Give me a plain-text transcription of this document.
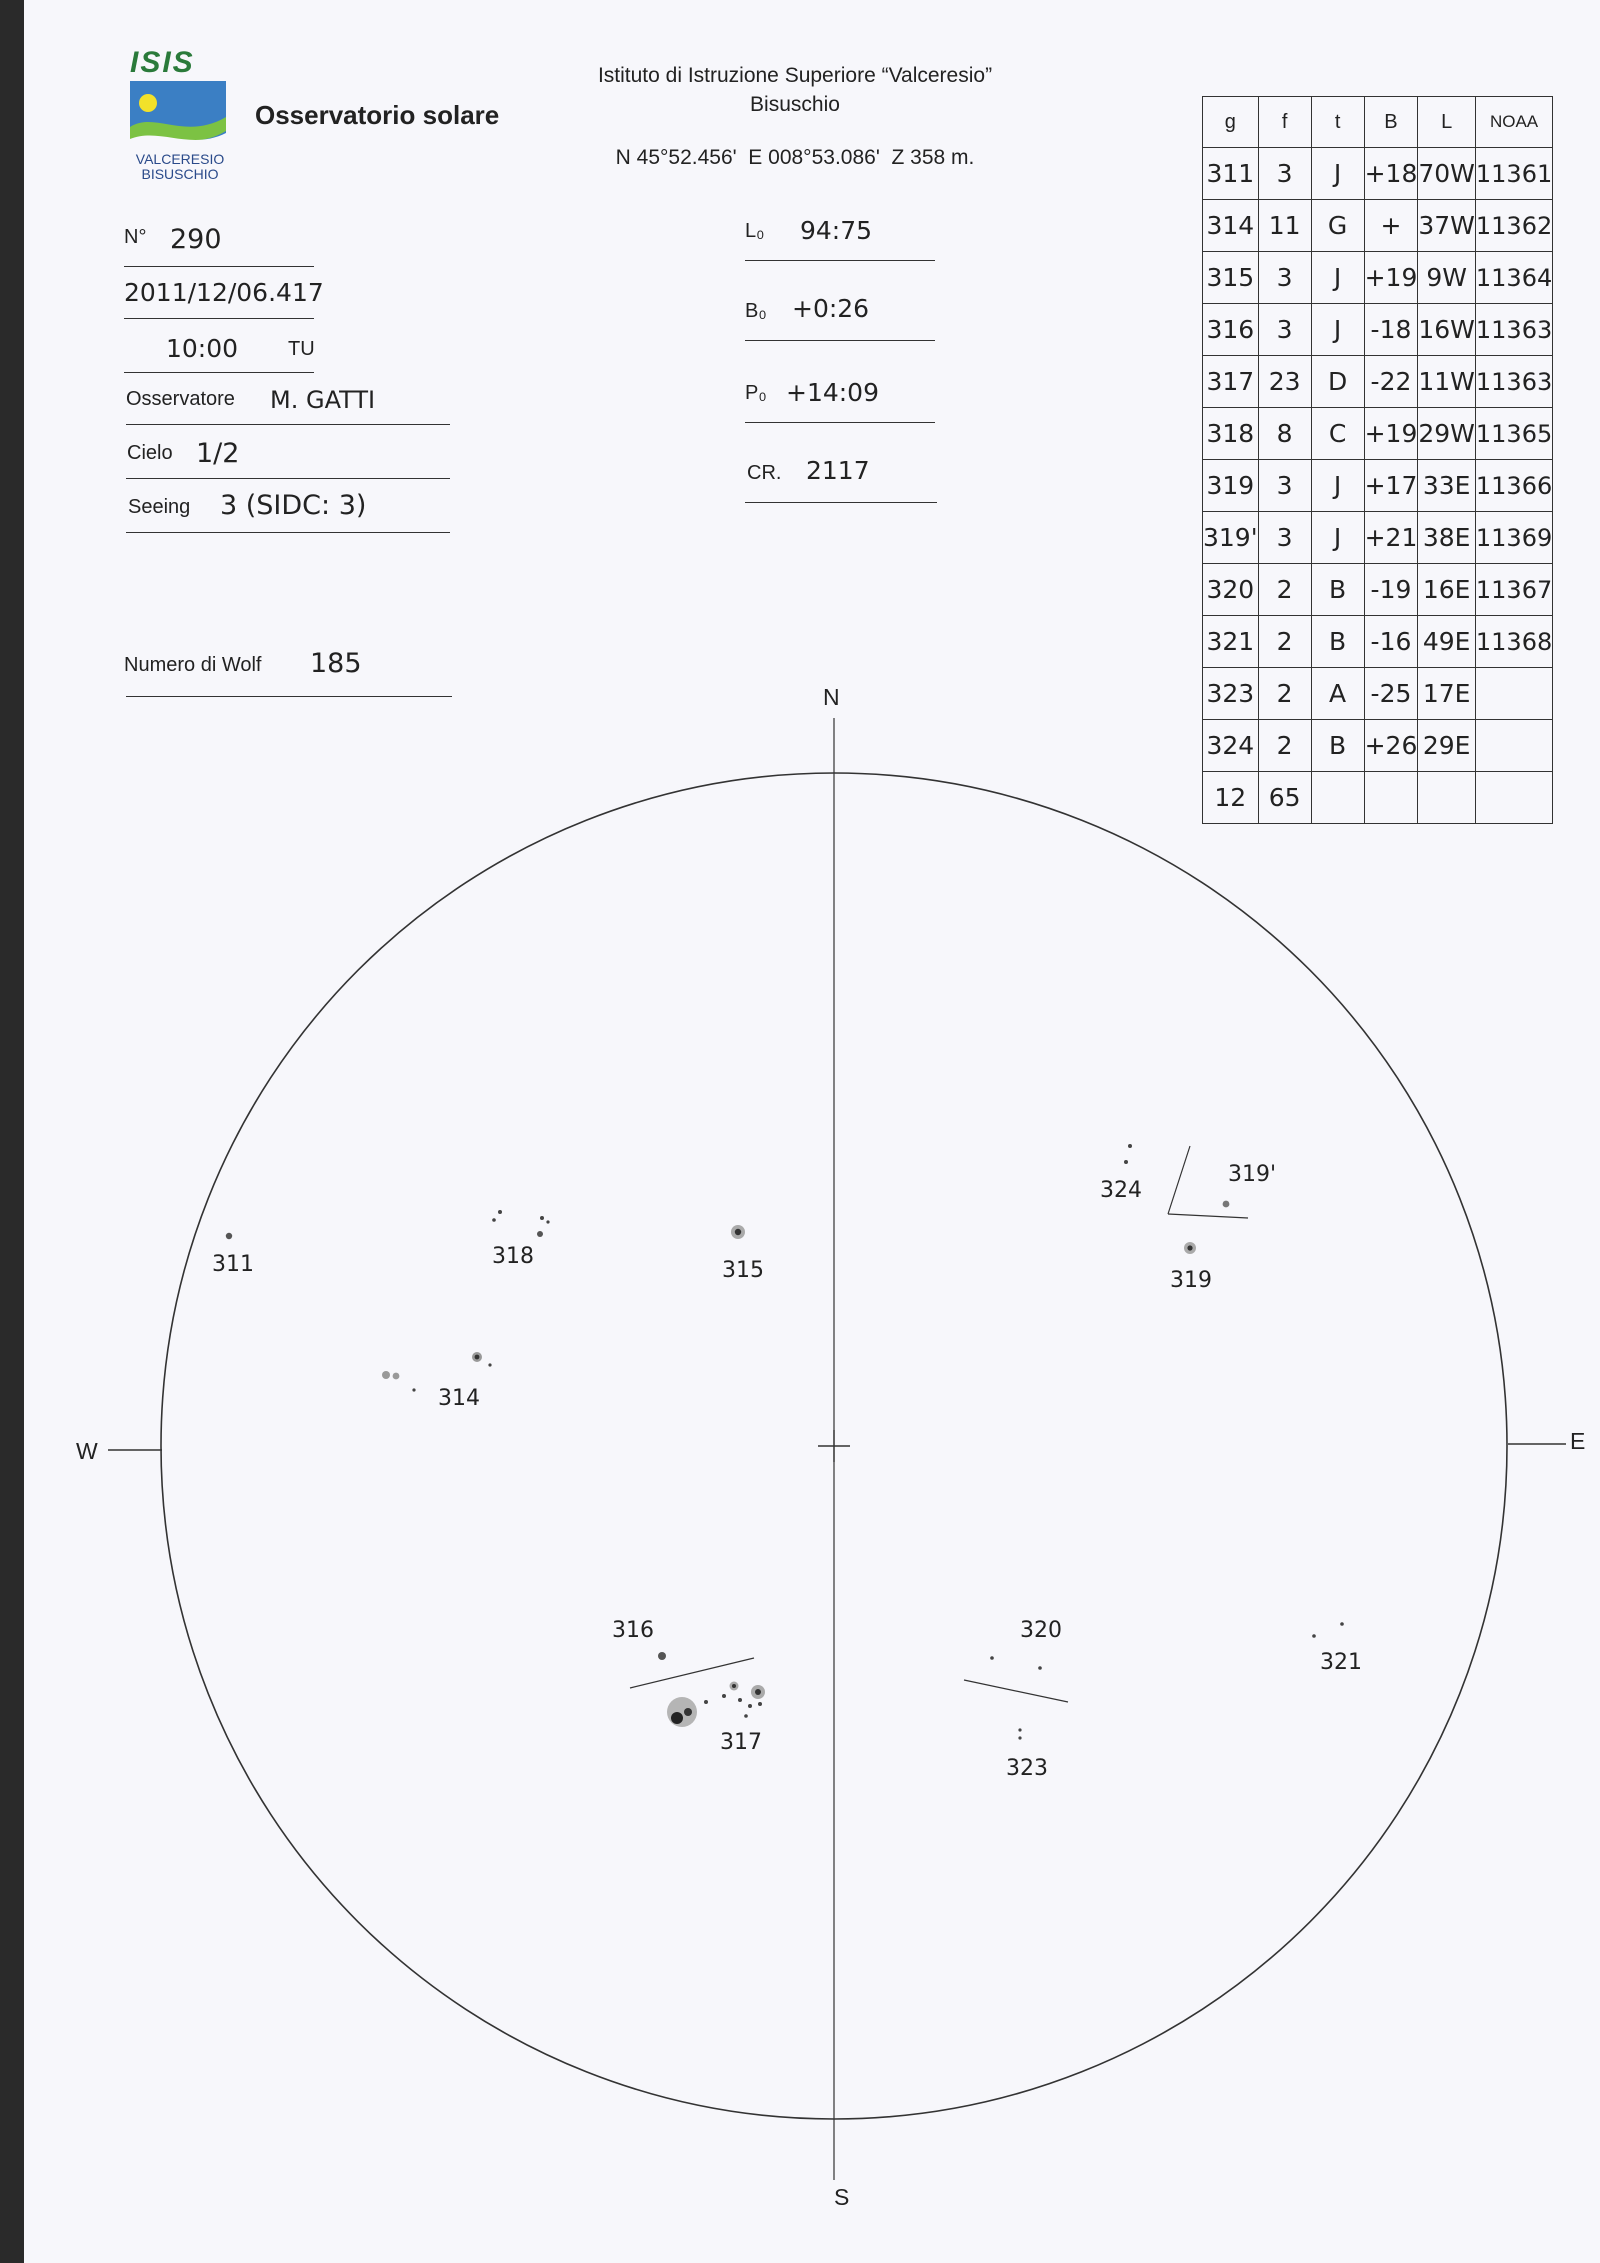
ISIS
VALCERESIO
BISUSCHIO
Osservatorio solare
Istituto di Istruzione Superiore “Valceresio”
Bisuschio
N 45°52.456'  E 008°53.086'  Z 358 m.
N° 290
2011/12/06.417
10:00 TU
Osservatore M. GATTI
Cielo 1/2
Seeing 3 (SIDC: 3)
Numero di Wolf 185
L₀ 94:75
B₀ +0:26
P₀ +14:09
CR. 2117
g	f	t	B	L	NOAA
311	3	J	+18	70W	11361
314	11	G	+	37W	11362
315	3	J	+19	9W	11364
316	3	J	-18	16W	11363
317	23	D	-22	11W	11363
318	8	C	+19	29W	11365
319	3	J	+17	33E	11366
319'	3	J	+21	38E	11369
320	2	B	-19	16E	11367
321	2	B	-16	49E	11368
323	2	A	-25	17E	
324	2	B	+26	29E	
12	65				
N
S
W	E
311	318
315
314
324
319'
319
316
317
320
323
321
